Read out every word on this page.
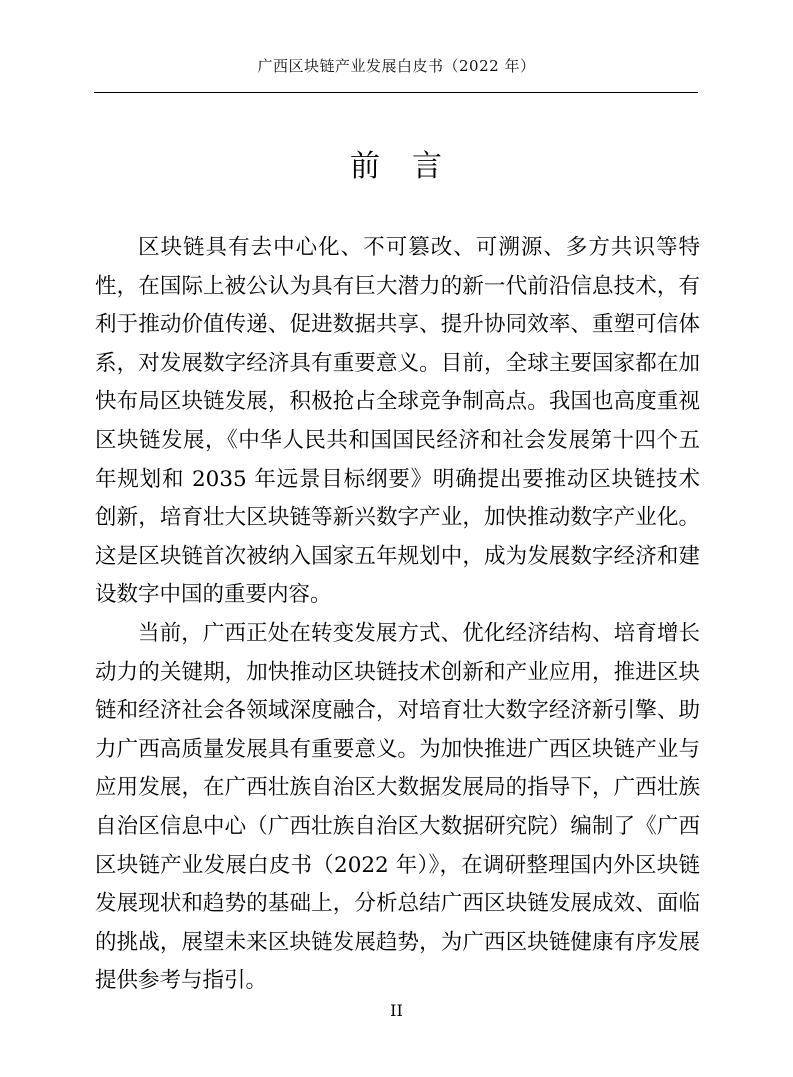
广西区块链产业发展白皮书（2022 年）
前　言

区块链具有去中心化、不可篡改、可溯源、多方共识等特性，在国际上被公认为具有巨大潜力的新一代前沿信息技术，有利于推动价值传递、促进数据共享、提升协同效率、重塑可信体系，对发展数字经济具有重要意义。目前，全球主要国家都在加快布局区块链发展，积极抢占全球竞争制高点。我国也高度重视区块链发展，《中华人民共和国国民经济和社会发展第十四个五年规划和 2035 年远景目标纲要》明确提出要推动区块链技术创新，培育壮大区块链等新兴数字产业，加快推动数字产业化。这是区块链首次被纳入国家五年规划中，成为发展数字经济和建设数字中国的重要内容。

当前，广西正处在转变发展方式、优化经济结构、培育增长动力的关键期，加快推动区块链技术创新和产业应用，推进区块链和经济社会各领域深度融合，对培育壮大数字经济新引擎、助力广西高质量发展具有重要意义。为加快推进广西区块链产业与应用发展，在广西壮族自治区大数据发展局的指导下，广西壮族自治区信息中心（广西壮族自治区大数据研究院）编制了《广西区块链产业发展白皮书（2022 年）》，在调研整理国内外区块链发展现状和趋势的基础上，分析总结广西区块链发展成效、面临的挑战，展望未来区块链发展趋势，为广西区块链健康有序发展提供参考与指引。

II
